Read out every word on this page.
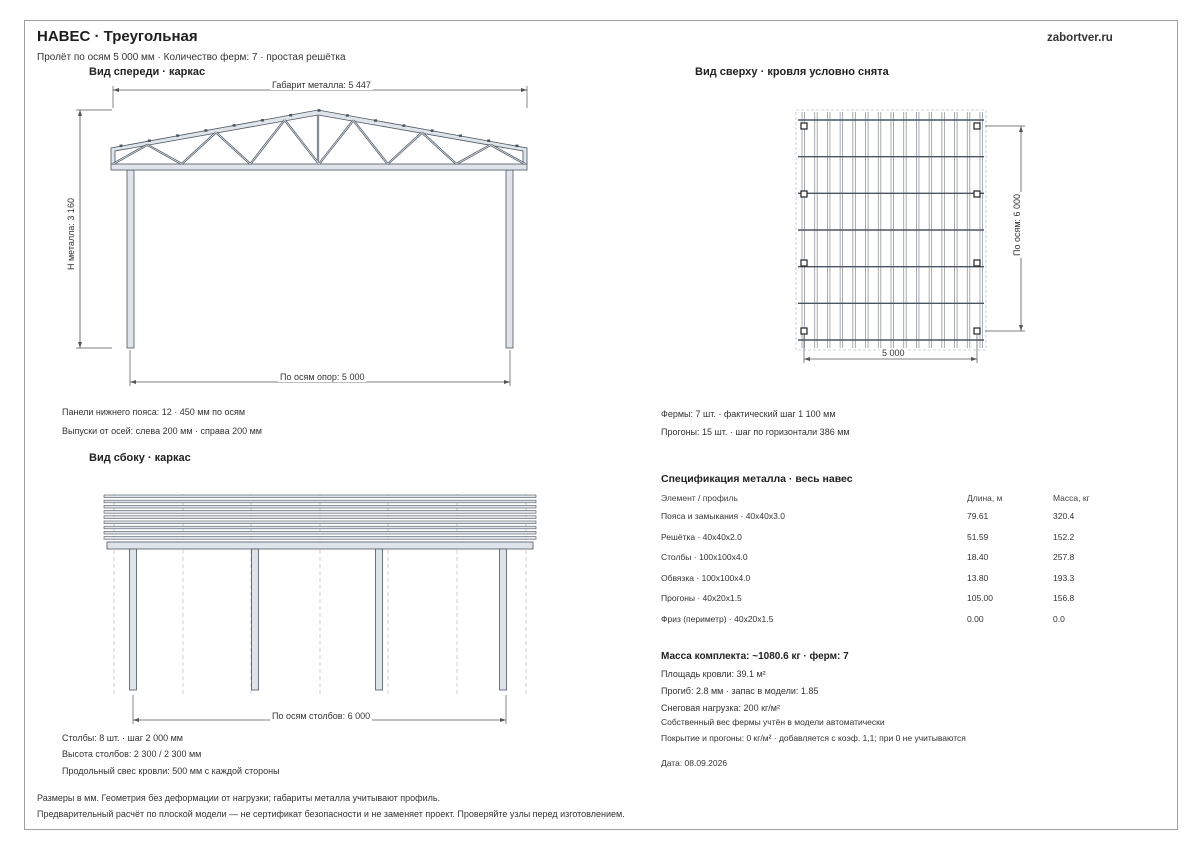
НАВЕС · Треугольная
Пролёт по осям 5 000 мм · Количество ферм: 7 · простая решётка
zabortver.ru
Вид спереди · каркас
Габарит металла: 5 447
H металла: 3 160
По осям опор: 5 000
Панели нижнего пояса: 12 · 450 мм по осям
Выпуски от осей: слева 200 мм · справа 200 мм
Вид сверху · кровля условно снята
5 000
По осям: 6 000
Фермы: 7 шт. · фактический шаг 1 100 мм
Прогоны: 15 шт. · шаг по горизонтали 386 мм
Вид сбоку · каркас
По осям столбов: 6 000
Столбы: 8 шт. · шаг 2 000 мм
Высота столбов: 2 300 / 2 300 мм
Продольный свес кровли: 500 мм с каждой стороны
Спецификация металла · весь навес
Элемент / профиль	Длина, м	Масса, кг
Пояса и замыкания · 40x40x3.0	79.61	320.4
Решётка · 40x40x2.0	51.59	152.2
Столбы · 100x100x4.0	18.40	257.8
Обвязка · 100x100x4.0	13.80	193.3
Прогоны · 40x20x1.5	105.00	156.8
Фриз (периметр) · 40x20x1.5	0.00	0.0
Масса комплекта: ~1080.6 кг · ферм: 7
Площадь кровли: 39.1 м²
Прогиб: 2.8 мм · запас в модели: 1.85
Снеговая нагрузка: 200 кг/м²
Собственный вес фермы учтён в модели автоматически
Покрытие и прогоны: 0 кг/м² · добавляется с коэф. 1,1; при 0 не учитываются
Дата: 08.09.2026
Размеры в мм. Геометрия без деформации от нагрузки; габариты металла учитывают профиль.
Предварительный расчёт по плоской модели — не сертификат безопасности и не заменяет проект. Проверяйте узлы перед изготовлением.
